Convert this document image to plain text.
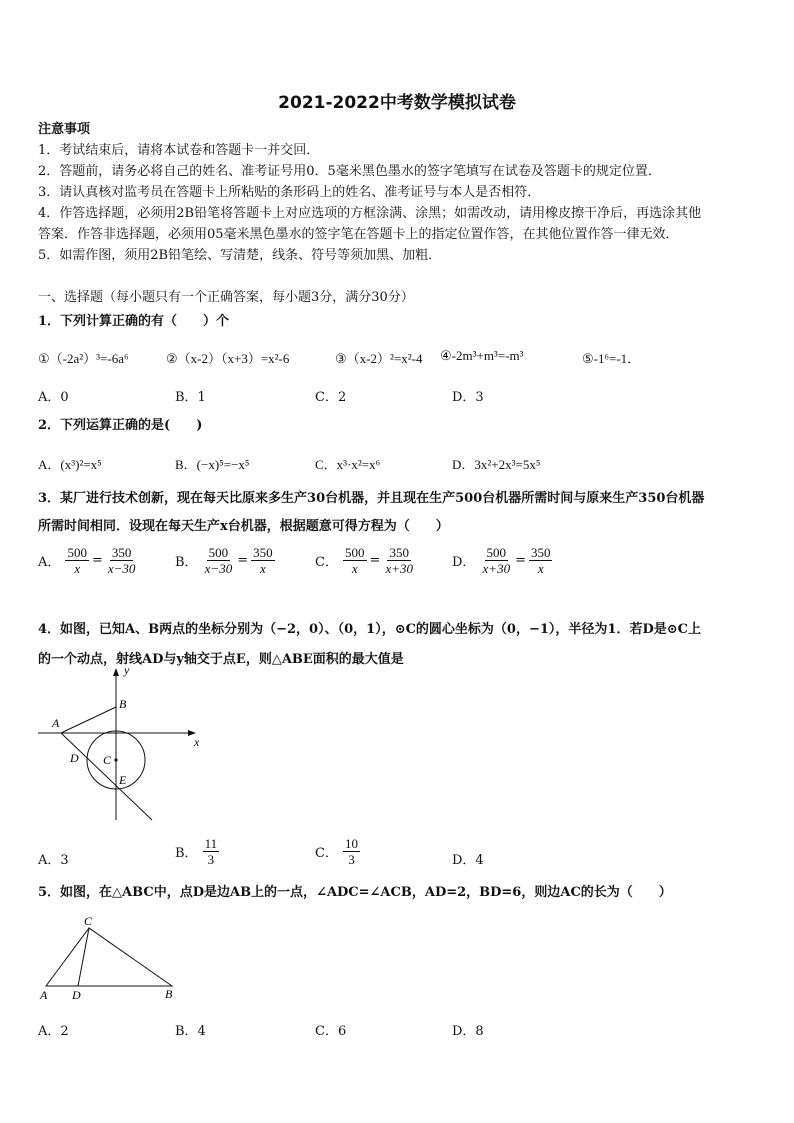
2021-2022中考数学模拟试卷
注意事项
1．考试结束后，请将本试卷和答题卡一并交回．
2．答题前，请务必将自己的姓名、准考证号用0．5毫米黑色墨水的签字笔填写在试卷及答题卡的规定位置．
3．请认真核对监考员在答题卡上所粘贴的条形码上的姓名、准考证号与本人是否相符．
4．作答选择题，必须用2B铅笔将答题卡上对应选项的方框涂满、涂黑；如需改动，请用橡皮擦干净后，再选涂其他
答案．作答非选择题，必须用05毫米黑色墨水的签字笔在答题卡上的指定位置作答，在其他位置作答一律无效．
5．如需作图，须用2B铅笔绘、写清楚，线条、符号等须加黑、加粗．
一、选择题（每小题只有一个正确答案，每小题3分，满分30分）
1．下列计算正确的有（　　）个
①（-2a²）³=-6a⁶	②（x-2）（x+3）=x²-6	③（x-2）²=x²-4 ④-2m³+m³=-m³	⑤-1⁶=-1．
A．0	B．1	C．2	D．3
2．下列运算正确的是(　　)
A．(x³)²=x⁵	B．(−x)⁵=−x⁵	C．x³·x²=x⁶	D．3x²+2x³=5x⁵
3．某厂进行技术创新，现在每天比原来多生产30台机器，并且现在生产500台机器所需时间与原来生产350台机器
所需时间相同．设现在每天生产x台机器，根据题意可得方程为（　　）
A． $\frac{500}{x} = \frac{350}{x-30}$	B． $\frac{500}{x-30} = \frac{350}{x}$	C． $\frac{500}{x} = \frac{350}{x+30}$	D． $\frac{500}{x+30} = \frac{350}{x}$
4．如图，已知A、B两点的坐标分别为（−2，0）、（0，1），⊙C的圆心坐标为（0，−1），半径为1．若D是⊙C上
的一个动点，射线AD与y轴交于点E，则△ABE面积的最大值是
y
x
A
B
C
D
E
A．3	B． $\frac{11}{3}$	C． $\frac{10}{3}$	D．4
5．如图，在△ABC中，点D是边AB上的一点，∠ADC=∠ACB，AD=2，BD=6，则边AC的长为（　　）
C
A D	B
A．2	B．4	C．6	D．8
